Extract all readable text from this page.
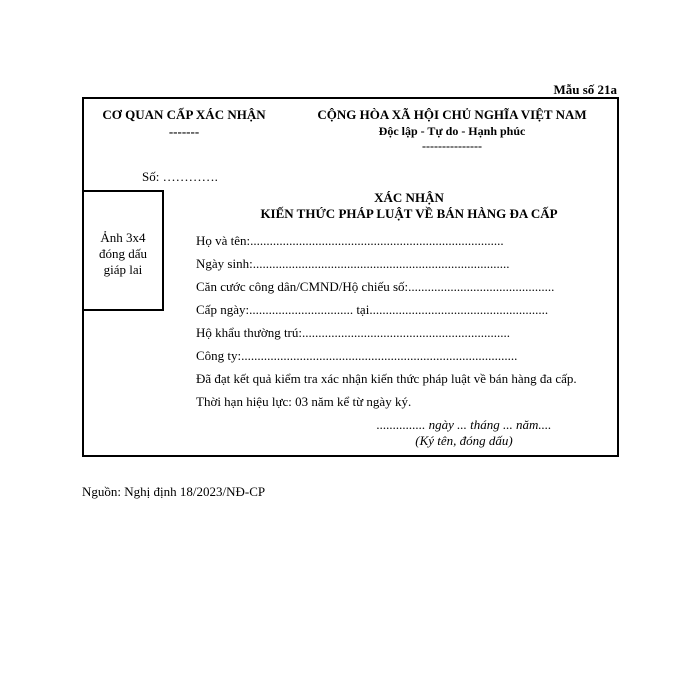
Mẫu số 21a
CƠ QUAN CẤP XÁC NHẬN
-------
CỘNG HÒA XÃ HỘI CHỦ NGHĨA VIỆT NAM
Độc lập - Tự do - Hạnh phúc
---------------
Số: ………….
Ảnh 3x4
đóng dấu
giáp lai
XÁC NHẬN
KIẾN THỨC PHÁP LUẬT VỀ BÁN HÀNG ĐA CẤP
Họ và tên:..............................................................................
Ngày sinh:...............................................................................
Căn cước công dân/CMND/Hộ chiếu số:.............................................
Cấp ngày:................................ tại.......................................................
Hộ khẩu thường trú:................................................................
Công ty:.....................................................................................
Đã đạt kết quả kiểm tra xác nhận kiến thức pháp luật về bán hàng đa cấp.
Thời hạn hiệu lực: 03 năm kể từ ngày ký.
............... ngày ... tháng ... năm....
(Ký tên, đóng dấu)
Nguồn: Nghị định 18/2023/NĐ-CP
